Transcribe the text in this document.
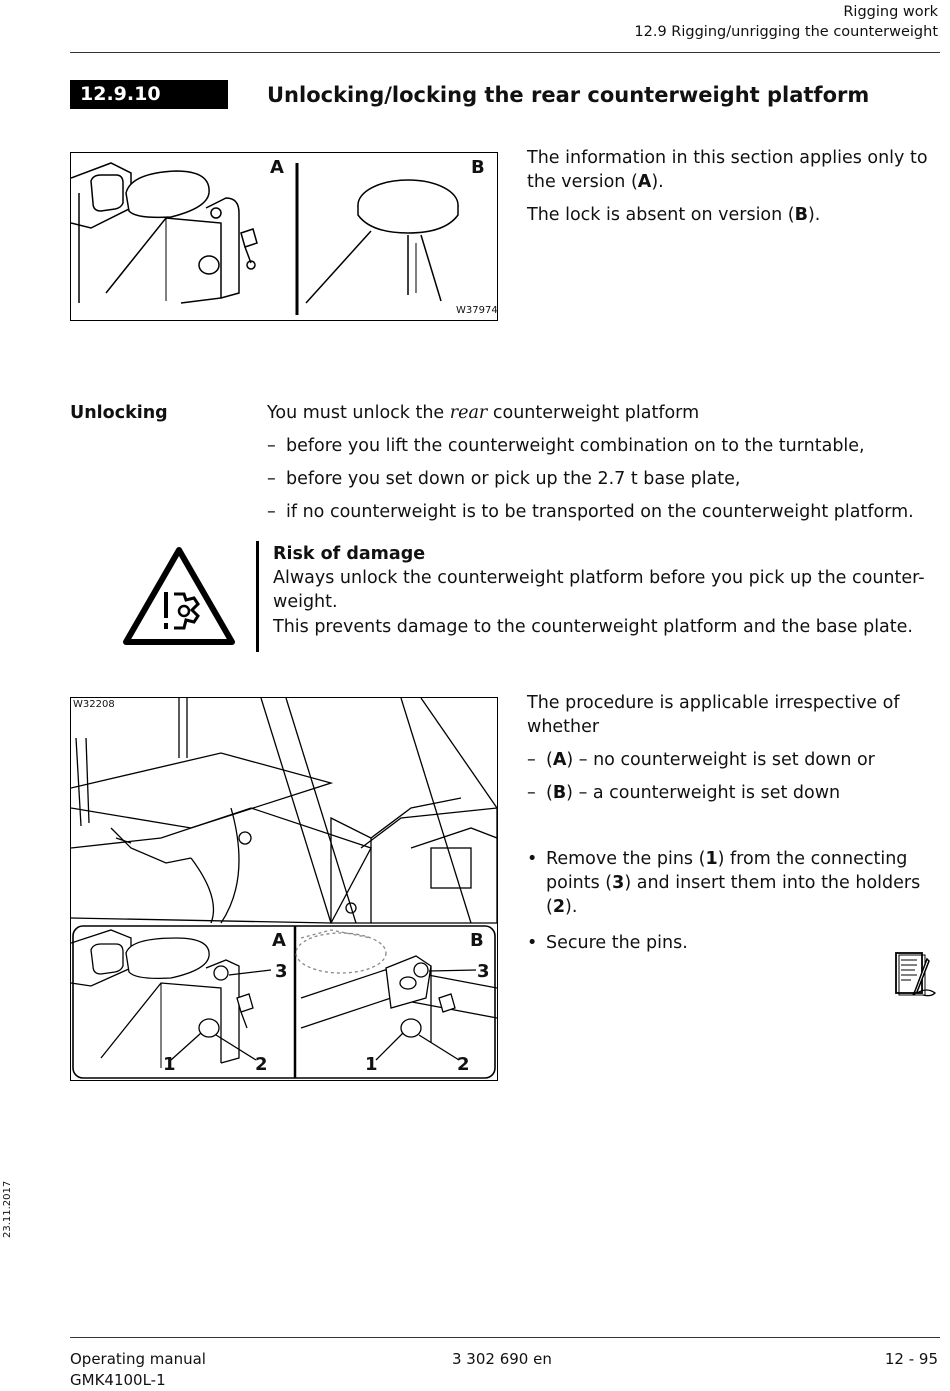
Rigging work
12.9 Rigging/unrigging the counterweight
12.9.10	Unlocking/locking the rear counterweight platform
A	B
W37974

The information in this section applies only to the version (A).

The lock is absent on version (B).

Unlocking	You must unlock the rear counterweight platform

– before you lift the counterweight combination on to the turntable,
– before you set down or pick up the 2.7 t base plate,
– if no counterweight is to be transported on the counterweight platform.

Risk of damage

Always unlock the counterweight platform before you pick up the counter-weight.

This prevents damage to the counterweight platform and the base plate.

W32208
A	B
3	3
1	2	1	2

The procedure is applicable irrespective of whether

– (A) – no counterweight is set down or
– (B) – a counterweight is set down
• Remove the pins (1) from the connecting points (3) and insert them into the holders (2).
• Secure the pins.
23.11.2017
Operating manual
GMK4100L-1
3 302 690 en	12 - 95
